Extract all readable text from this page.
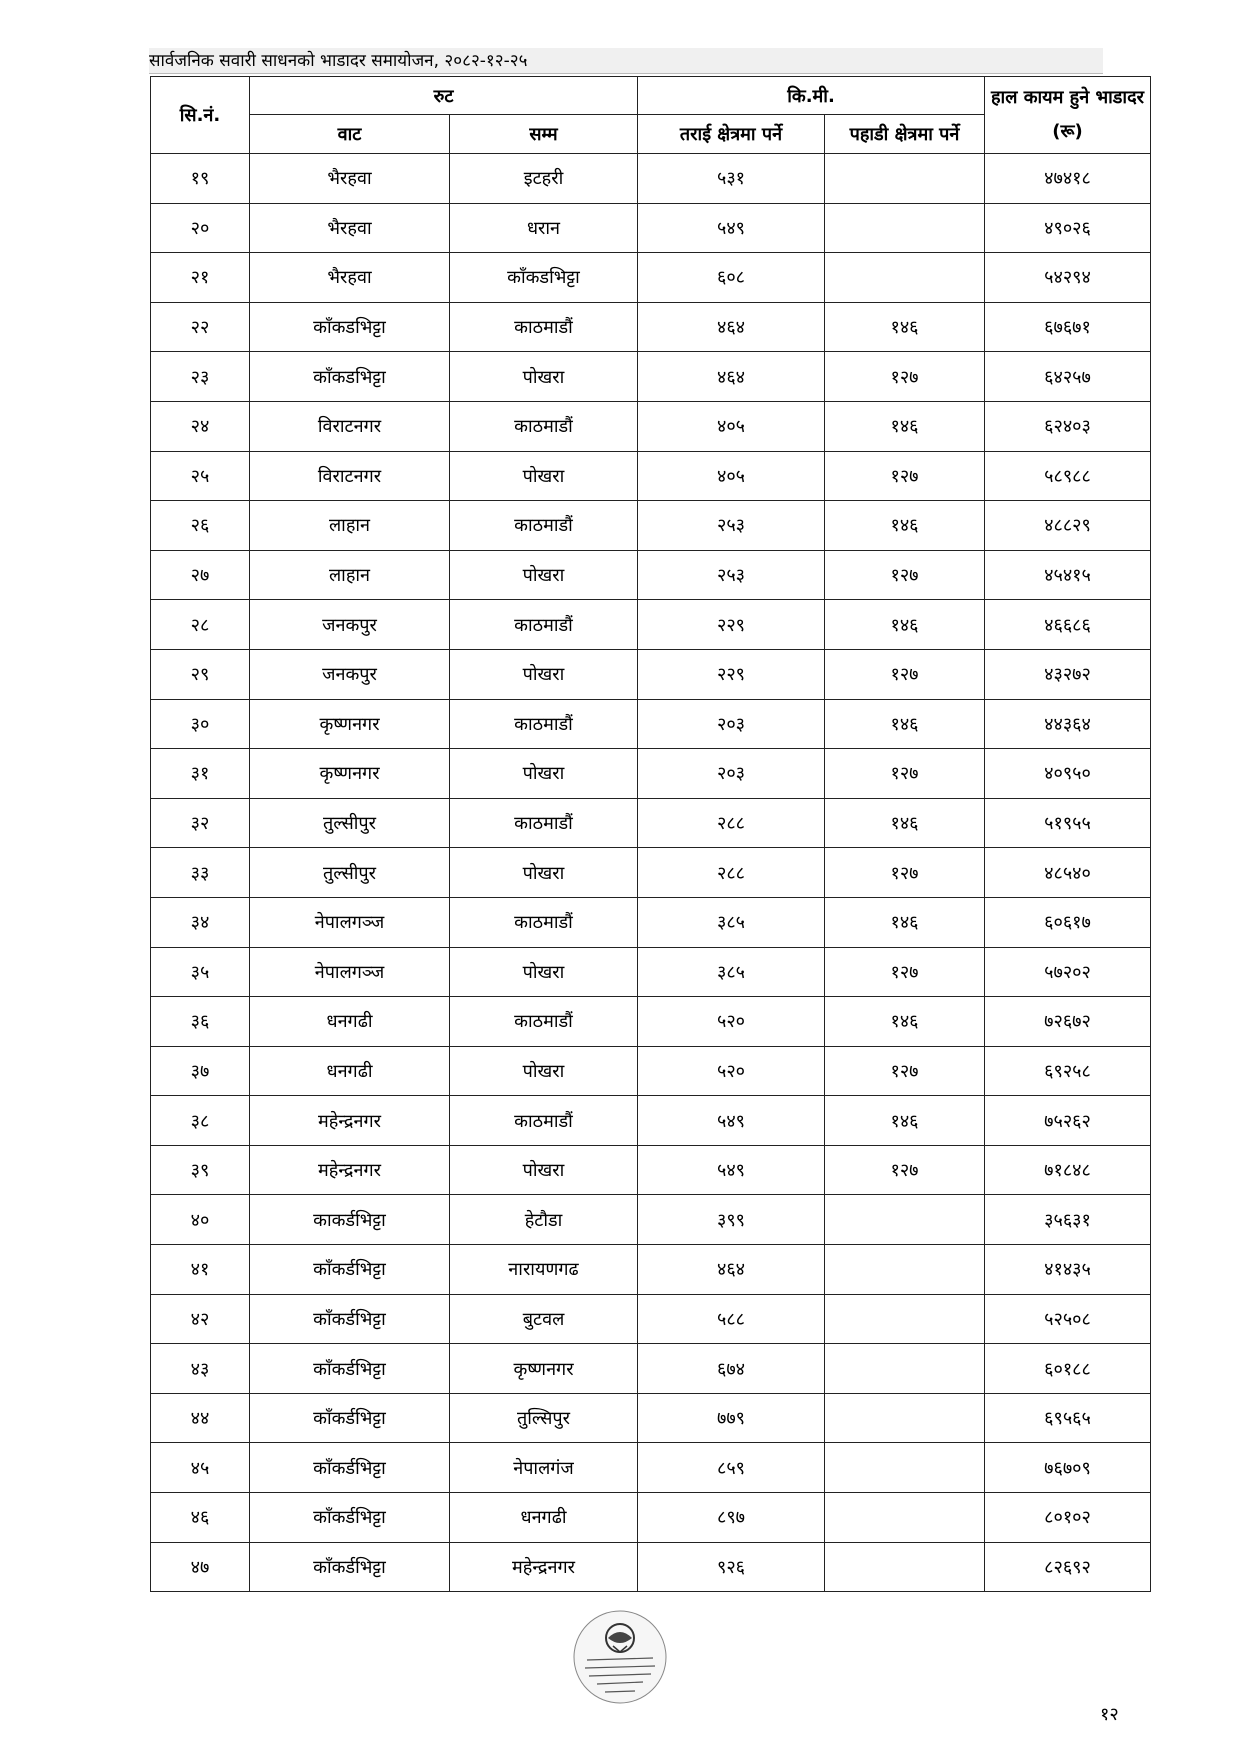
सार्वजनिक सवारी साधनको भाडादर समायोजन, २०८२-१२-२५
सि.नं.	रुट		कि.मी.		हाल कायम हुने भाडादर (रू)
	वाट	सम्म	तराई क्षेत्रमा पर्ने	पहाडी क्षेत्रमा पर्ने	
१९	भैरहवा	इटहरी	५३१		४७४१८
२०	भैरहवा	धरान	५४९		४९०२६
२१	भैरहवा	काँकडभिट्टा	६०८		५४२९४
२२	काँकडभिट्टा	काठमाडौं	४६४	१४६	६७६७१
२३	काँकडभिट्टा	पोखरा	४६४	१२७	६४२५७
२४	विराटनगर	काठमाडौं	४०५	१४६	६२४०३
२५	विराटनगर	पोखरा	४०५	१२७	५८९८८
२६	लाहान	काठमाडौं	२५३	१४६	४८८२९
२७	लाहान	पोखरा	२५३	१२७	४५४१५
२८	जनकपुर	काठमाडौं	२२९	१४६	४६६८६
२९	जनकपुर	पोखरा	२२९	१२७	४३२७२
३०	कृष्णनगर	काठमाडौं	२०३	१४६	४४३६४
३१	कृष्णनगर	पोखरा	२०३	१२७	४०९५०
३२	तुल्सीपुर	काठमाडौं	२८८	१४६	५१९५५
३३	तुल्सीपुर	पोखरा	२८८	१२७	४८५४०
३४	नेपालगञ्ज	काठमाडौं	३८५	१४६	६०६१७
३५	नेपालगञ्ज	पोखरा	३८५	१२७	५७२०२
३६	धनगढी	काठमाडौं	५२०	१४६	७२६७२
३७	धनगढी	पोखरा	५२०	१२७	६९२५८
३८	महेन्द्रनगर	काठमाडौं	५४९	१४६	७५२६२
३९	महेन्द्रनगर	पोखरा	५४९	१२७	७१८४८
४०	काकर्डभिट्टा	हेटौडा	३९९		३५६३१
४१	काँकर्डभिट्टा	नारायणगढ	४६४		४१४३५
४२	काँकर्डभिट्टा	बुटवल	५८८		५२५०८
४३	काँकर्डभिट्टा	कृष्णनगर	६७४		६०१८८
४४	काँकर्डभिट्टा	तुल्सिपुर	७७९		६९५६५
४५	काँकर्डभिट्टा	नेपालगंज	८५९		७६७०९
४६	काँकर्डभिट्टा	धनगढी	८९७		८०१०२
४७	काँकर्डभिट्टा	महेन्द्रनगर	९२६		८२६९२
१२
